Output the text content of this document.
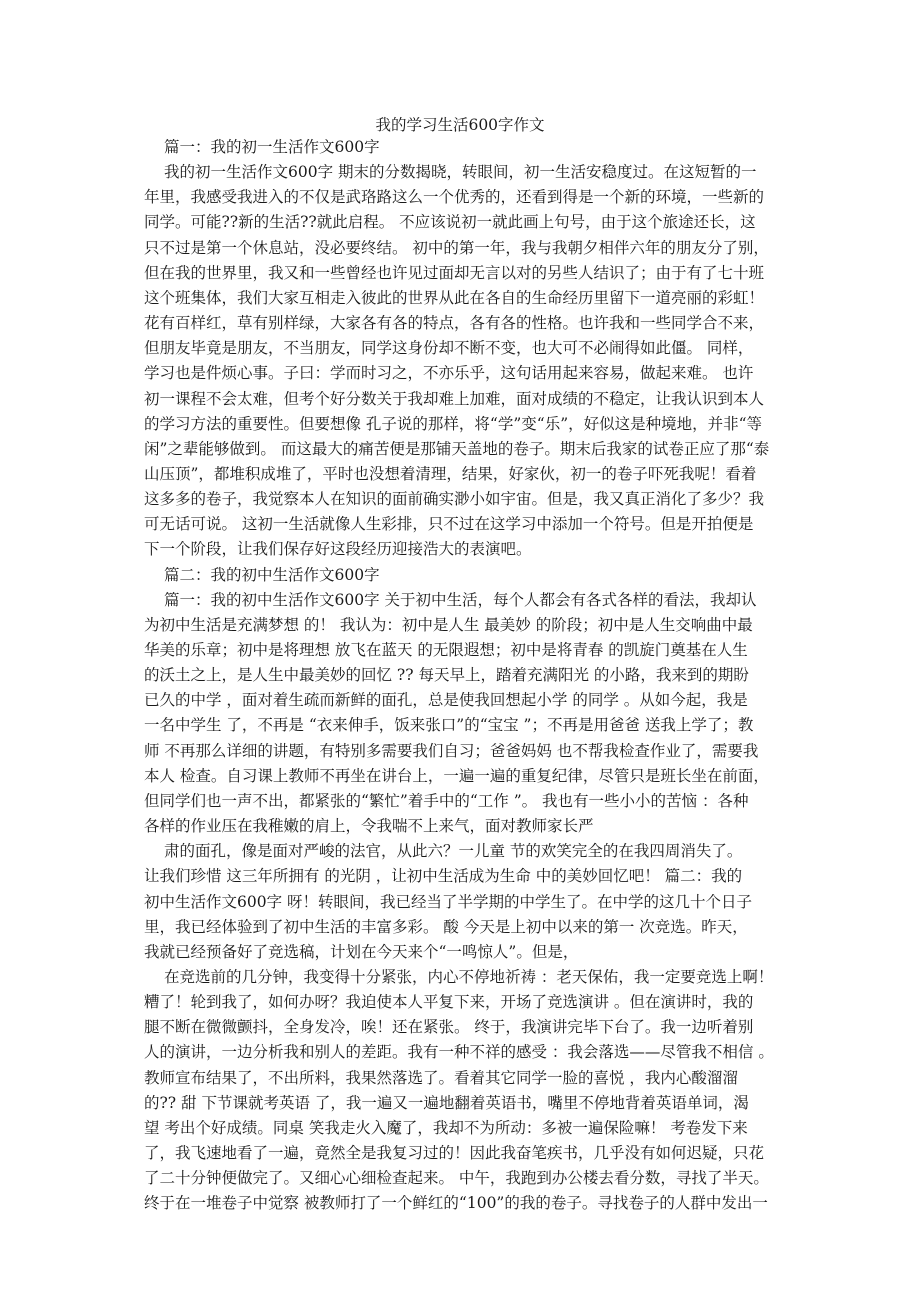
我的学习生活600字作文
篇一：我的初一生活作文600字
我的初一生活作文600字 期末的分数揭晓，转眼间，初一生活安稳度过。在这短暂的一
年里，我感受我进入的不仅是武珞路这么一个优秀的，还看到得是一个新的环境，一些新的
同学。可能??新的生活??就此启程。 不应该说初一就此画上句号，由于这个旅途还长，这
只不过是第一个休息站，没必要终结。 初中的第一年，我与我朝夕相伴六年的朋友分了别，
但在我的世界里，我又和一些曾经也许见过面却无言以对的另些人结识了；由于有了七十班
这个班集体，我们大家互相走入彼此的世界从此在各自的生命经历里留下一道亮丽的彩虹！
花有百样红，草有别样绿，大家各有各的特点，各有各的性格。也许我和一些同学合不来，
但朋友毕竟是朋友，不当朋友，同学这身份却不断不变，也大可不必闹得如此僵。 同样，
学习也是件烦心事。子曰：学而时习之，不亦乐乎，这句话用起来容易，做起来难。 也许
初一课程不会太难，但考个好分数关于我却难上加难，面对成绩的不稳定，让我认识到本人
的学习方法的重要性。但要想像 孔子说的那样，将“学”变“乐”，好似这是种境地，并非“等
闲”之辈能够做到。 而这最大的痛苦便是那铺天盖地的卷子。期末后我家的试卷正应了那“泰
山压顶”，都堆积成堆了，平时也没想着清理，结果，好家伙，初一的卷子吓死我呢！看着
这多多的卷子，我觉察本人在知识的面前确实渺小如宇宙。但是，我又真正消化了多少？我
可无话可说。 这初一生活就像人生彩排，只不过在这学习中添加一个符号。但是开拍便是
下一个阶段，让我们保存好这段经历迎接浩大的表演吧。
篇二：我的初中生活作文600字
篇一：我的初中生活作文600字 关于初中生活，每个人都会有各式各样的看法，我却认
为初中生活是充满梦想 的！ 我认为：初中是人生 最美妙 的阶段；初中是人生交响曲中最
华美的乐章；初中是将理想 放飞在蓝天 的无限遐想；初中是将青春 的凯旋门奠基在人生
的沃土之上，是人生中最美妙的回忆 ?? 每天早上，踏着充满阳光 的小路，我来到的期盼
已久的中学 ，面对着生疏而新鲜的面孔，总是使我回想起小学 的同学 。从如今起，我是
一名中学生 了，不再是 “衣来伸手，饭来张口”的“宝宝 ”；不再是用爸爸 送我上学了；教
师 不再那么详细的讲题，有特别多需要我们自习；爸爸妈妈 也不帮我检查作业了，需要我
本人 检查。自习课上教师不再坐在讲台上，一遍一遍的重复纪律，尽管只是班长坐在前面，
但同学们也一声不出，都紧张的“繁忙”着手中的“工作 ”。 我也有一些小小的苦恼 ：各种
各样的作业压在我稚嫩的肩上，令我喘不上来气，面对教师家长严
肃的面孔，像是面对严峻的法官，从此六？一儿童 节的欢笑完全的在我四周消失了。
让我们珍惜 这三年所拥有 的光阴 ，让初中生活成为生命 中的美妙回忆吧！ 篇二：我的
初中生活作文600字 呀！转眼间，我已经当了半学期的中学生了。在中学的这几十个日子
里，我已经体验到了初中生活的丰富多彩。 酸 今天是上初中以来的第一 次竞选。昨天，
我就已经预备好了竞选稿，计划在今天来个“一鸣惊人”。但是，
在竞选前的几分钟，我变得十分紧张，内心不停地祈祷 ：老天保佑，我一定要竞选上啊！
糟了！轮到我了，如何办呀？我迫使本人平复下来，开场了竞选演讲 。但在演讲时，我的
腿不断在微微颤抖，全身发冷，唉！还在紧张。 终于，我演讲完毕下台了。我一边听着别
人的演讲，一边分析我和别人的差距。我有一种不祥的感受 ：我会落选——尽管我不相信 。
教师宣布结果了，不出所料，我果然落选了。看着其它同学一脸的喜悦 ，我内心酸溜溜
的?? 甜 下节课就考英语 了，我一遍又一遍地翻着英语书，嘴里不停地背着英语单词，渴
望 考出个好成绩。同桌 笑我走火入魔了，我却不为所动：多被一遍保险嘛！ 考卷发下来
了，我飞速地看了一遍，竟然全是我复习过的！因此我奋笔疾书，几乎没有如何迟疑，只花
了二十分钟便做完了。又细心心细检查起来。 中午，我跑到办公楼去看分数，寻找了半天。
终于在一堆卷子中觉察 被教师打了一个鲜红的“100”的我的卷子。寻找卷子的人群中发出一
